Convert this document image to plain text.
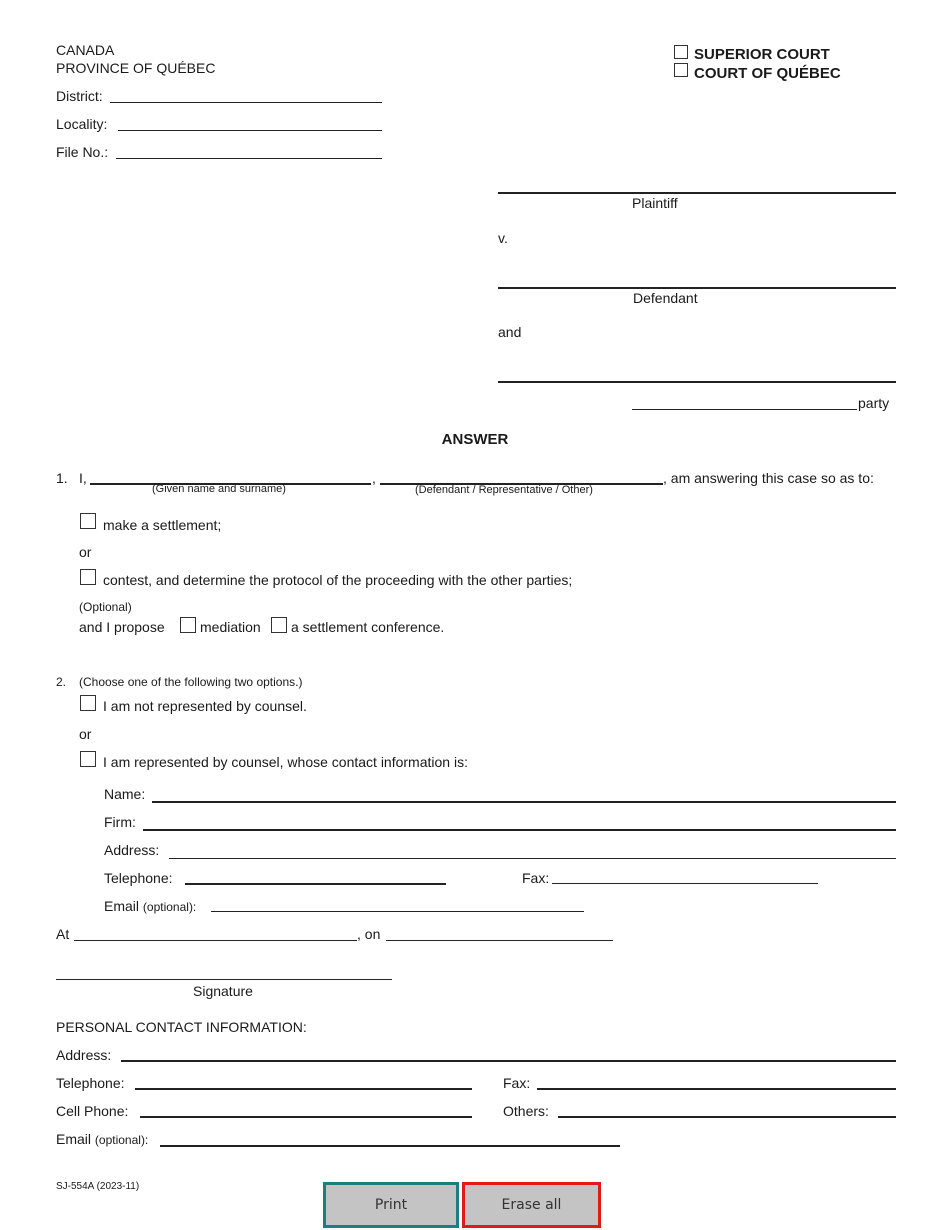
CANADA
PROVINCE OF QUÉBEC
District:
Locality:
File No.:
SUPERIOR COURT
COURT OF QUÉBEC
Plaintiff
v.
Defendant
and
party
ANSWER
1. I,	,
(Given name and surname)	(Defendant / Representative / Other)
, am answering this case so as to:
make a settlement;
or
contest, and determine the protocol of the proceeding with the other parties;
(Optional)
and I propose	mediation a settlement conference.
2. (Choose one of the following two options.)
I am not represented by counsel.
or
I am represented by counsel, whose contact information is:
Name:
Firm:
Address:
Telephone:	Fax:
Email (optional):
At	, on
Signature
PERSONAL CONTACT INFORMATION:
Address:
Telephone:	Fax:
Cell Phone:	Others:
Email (optional):
SJ-554A (2023-11)
Print	Erase all
